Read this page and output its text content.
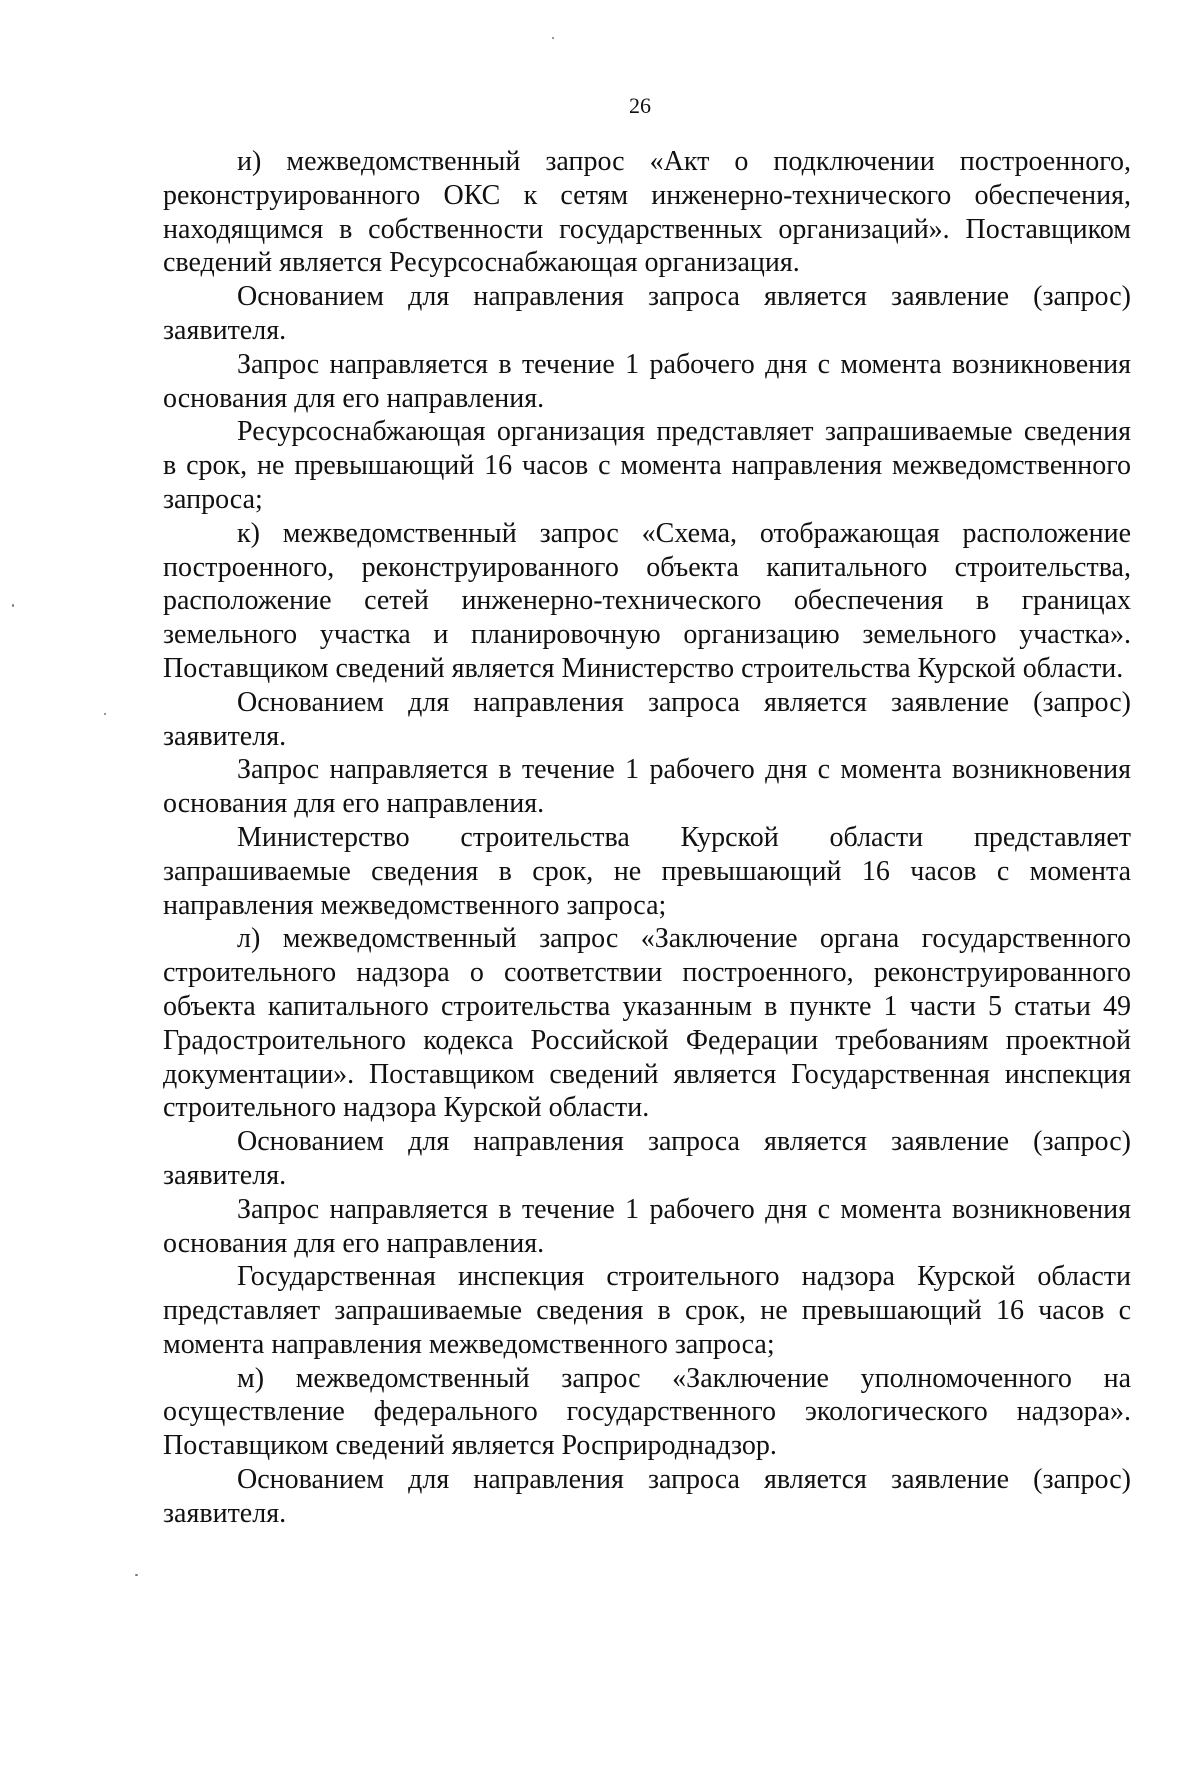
26

и) межведомственный запрос «Акт о подключении построенного, реконструированного ОКС к сетям инженерно-технического обеспечения, находящимся в собственности государственных организаций». Поставщиком сведений является Ресурсоснабжающая организация.

Основанием для направления запроса является заявление (запрос) заявителя.

Запрос направляется в течение 1 рабочего дня с момента возникновения основания для его направления.

Ресурсоснабжающая организация представляет запрашиваемые сведения в срок, не превышающий 16 часов с момента направления межведомственного запроса;

к) межведомственный запрос «Схема, отображающая расположение построенного, реконструированного объекта капитального строительства, расположение сетей инженерно-технического обеспечения в границах земельного участка и планировочную организацию земельного участка». Поставщиком сведений является Министерство строительства Курской области.

Основанием для направления запроса является заявление (запрос) заявителя.

Запрос направляется в течение 1 рабочего дня с момента возникновения основания для его направления.

Министерство строительства Курской области представляет запрашиваемые сведения в срок, не превышающий 16 часов с момента направления межведомственного запроса;

л) межведомственный запрос «Заключение органа государственного строительного надзора о соответствии построенного, реконструированного объекта капитального строительства указанным в пункте 1 части 5 статьи 49 Градостроительного кодекса Российской Федерации требованиям проектной документации». Поставщиком сведений является Государственная инспекция строительного надзора Курской области.

Основанием для направления запроса является заявление (запрос) заявителя.

Запрос направляется в течение 1 рабочего дня с момента возникновения основания для его направления.

Государственная инспекция строительного надзора Курской области представляет запрашиваемые сведения в срок, не превышающий 16 часов с момента направления межведомственного запроса;

м) межведомственный запрос «Заключение уполномоченного на осуществление федерального государственного экологического надзора». Поставщиком сведений является Росприроднадзор.

Основанием для направления запроса является заявление (запрос) заявителя.
